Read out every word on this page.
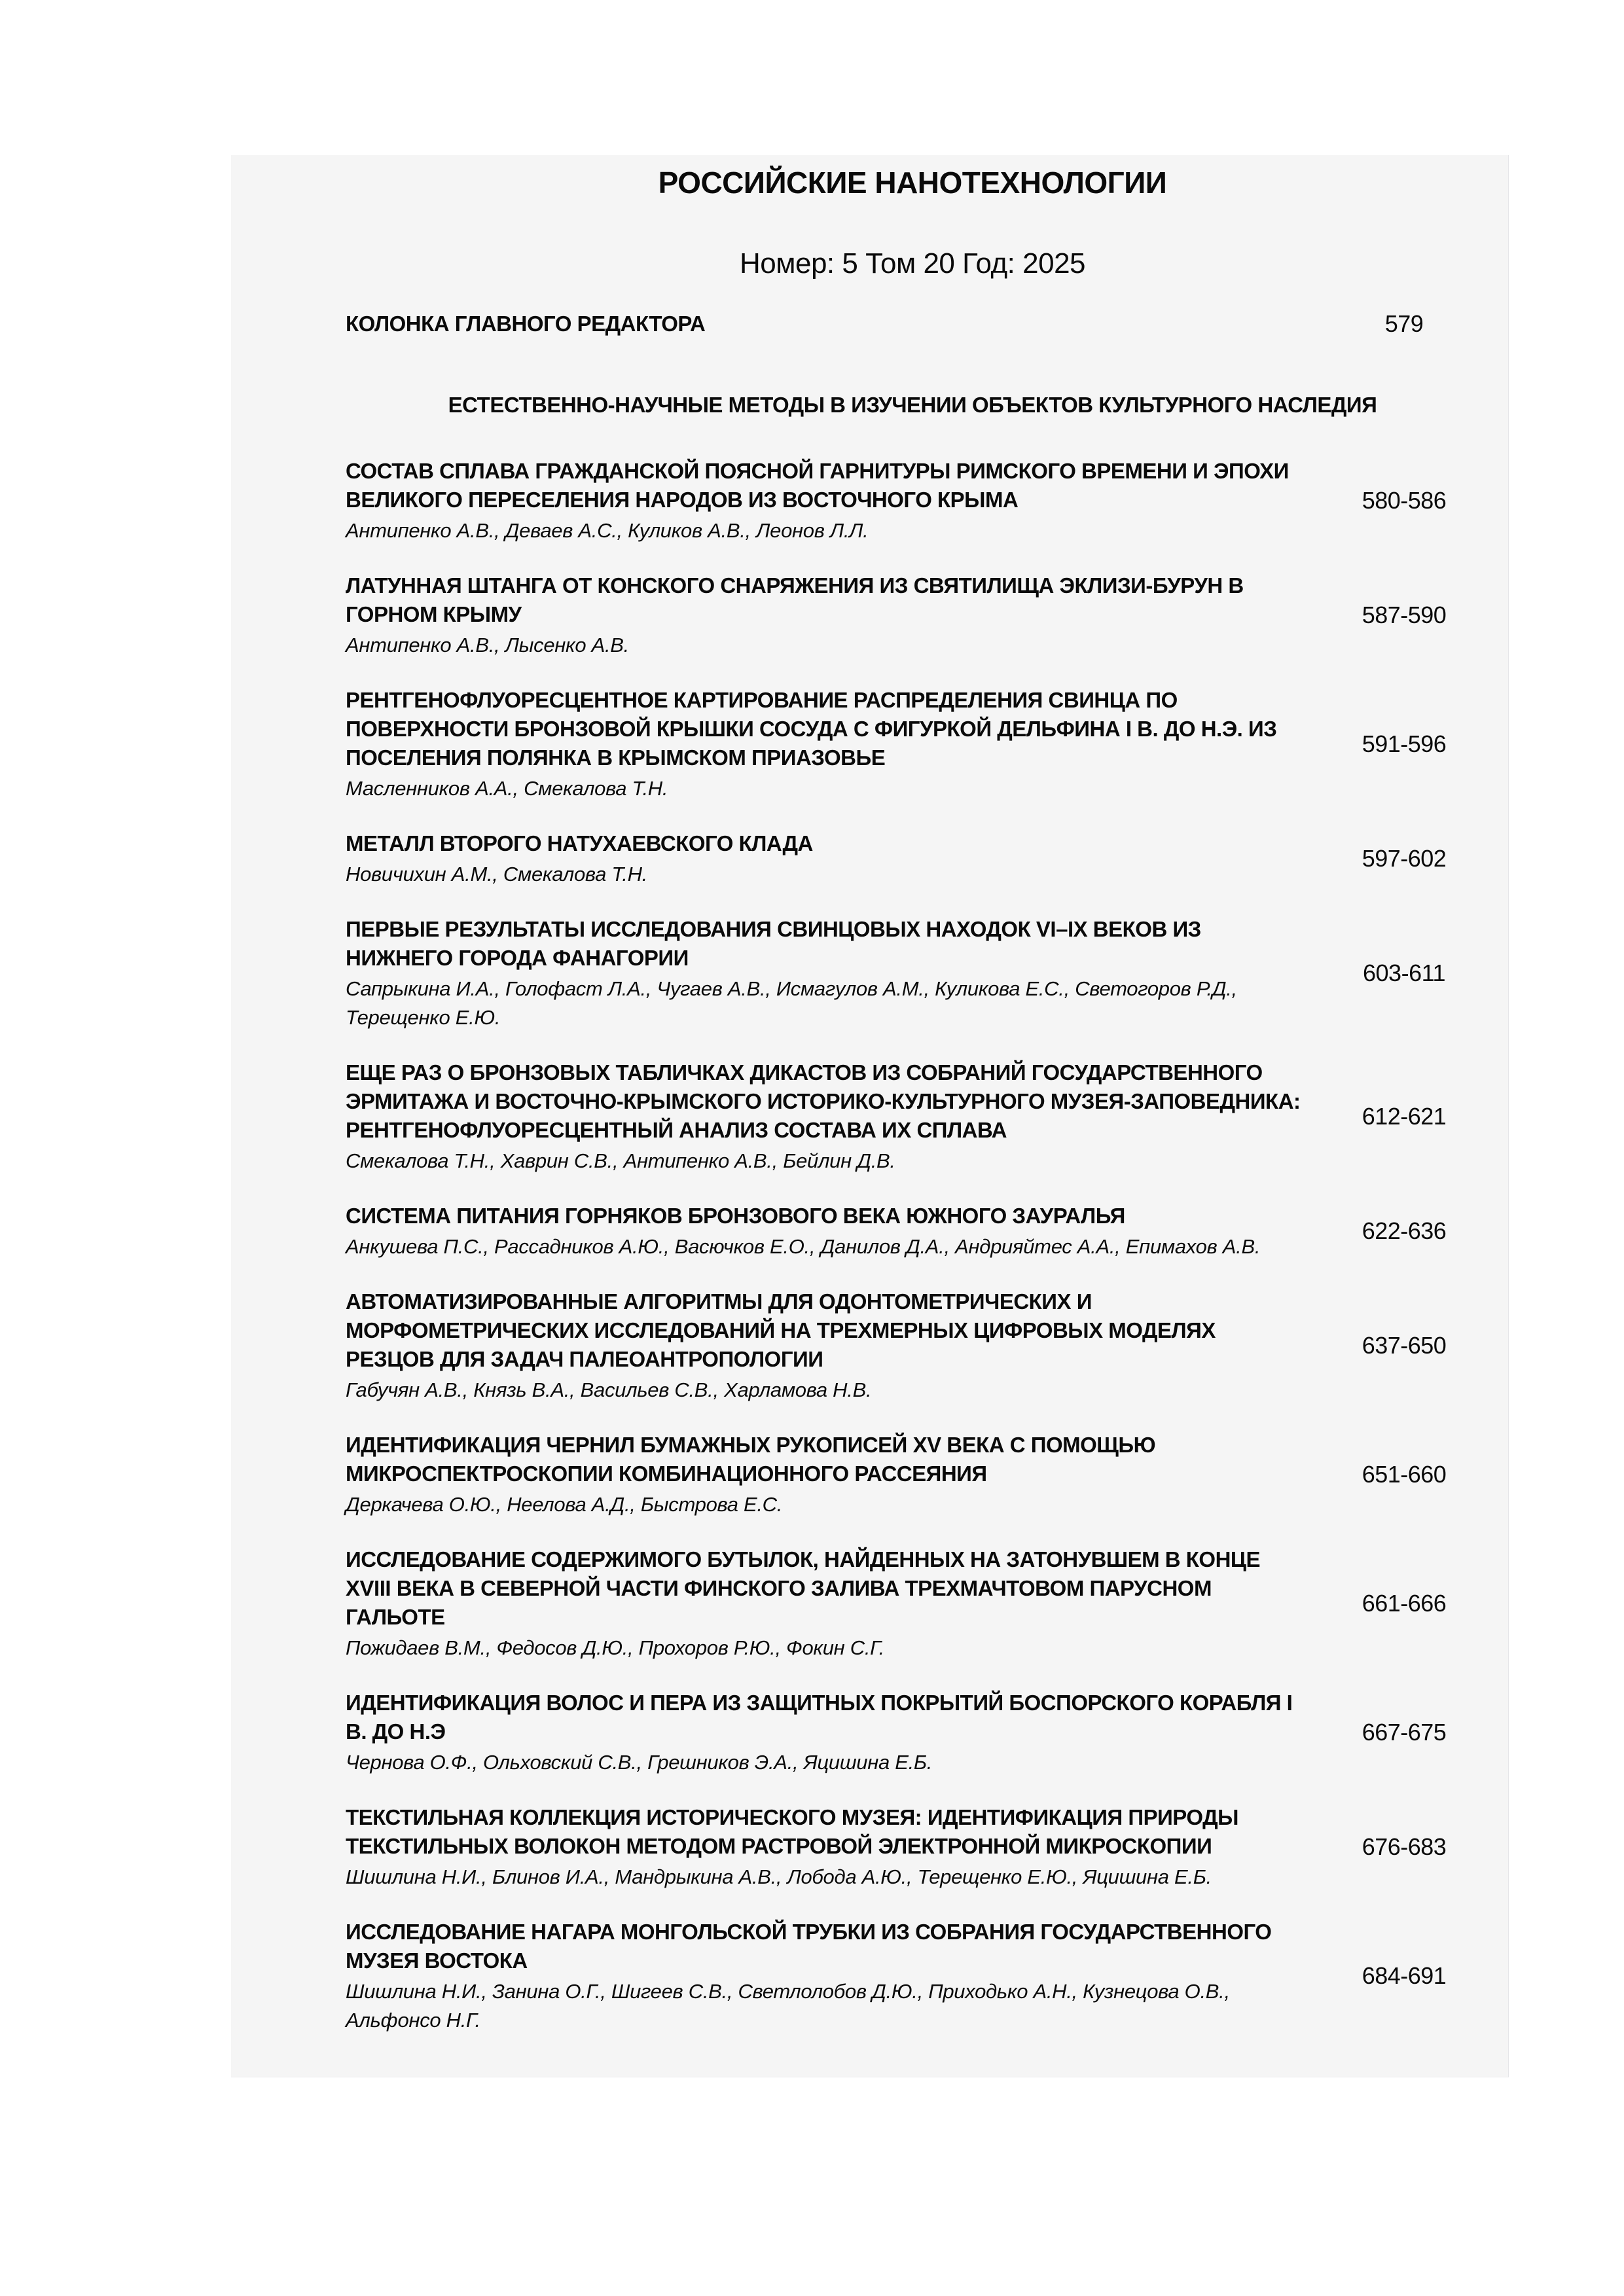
РОССИЙСКИЕ НАНОТЕХНОЛОГИИ
Номер: 5 Том 20 Год: 2025
КОЛОНКА ГЛАВНОГО РЕДАКТОРА	579
ЕСТЕСТВЕННО-НАУЧНЫЕ МЕТОДЫ В ИЗУЧЕНИИ ОБЪЕКТОВ КУЛЬТУРНОГО НАСЛЕДИЯ
СОСТАВ СПЛАВА ГРАЖДАНСКОЙ ПОЯСНОЙ ГАРНИТУРЫ РИМСКОГО ВРЕМЕНИ И ЭПОХИ ВЕЛИКОГО ПЕРЕСЕЛЕНИЯ НАРОДОВ ИЗ ВОСТОЧНОГО КРЫМА
Антипенко А.В., Деваев А.С., Куликов А.В., Леонов Л.Л.
580-586
ЛАТУННАЯ ШТАНГА ОТ КОНСКОГО СНАРЯЖЕНИЯ ИЗ СВЯТИЛИЩА ЭКЛИЗИ-БУРУН В ГОРНОМ КРЫМУ
Антипенко А.В., Лысенко А.В.
587-590
РЕНТГЕНОФЛУОРЕСЦЕНТНОЕ КАРТИРОВАНИЕ РАСПРЕДЕЛЕНИЯ СВИНЦА ПО ПОВЕРХНОСТИ БРОНЗОВОЙ КРЫШКИ СОСУДА С ФИГУРКОЙ ДЕЛЬФИНА I В. ДО Н.Э. ИЗ ПОСЕЛЕНИЯ ПОЛЯНКА В КРЫМСКОМ ПРИАЗОВЬЕ
Масленников А.А., Смекалова Т.Н.
591-596
МЕТАЛЛ ВТОРОГО НАТУХАЕВСКОГО КЛАДА
Новичихин А.М., Смекалова Т.Н.
597-602
ПЕРВЫЕ РЕЗУЛЬТАТЫ ИССЛЕДОВАНИЯ СВИНЦОВЫХ НАХОДОК VI–IX ВЕКОВ ИЗ НИЖНЕГО ГОРОДА ФАНАГОРИИ
Сапрыкина И.А., Голофаст Л.А., Чугаев А.В., Исмагулов А.М., Куликова Е.С., Светогоров Р.Д., Терещенко Е.Ю.
603-611
ЕЩЕ РАЗ О БРОНЗОВЫХ ТАБЛИЧКАХ ДИКАСТОВ ИЗ СОБРАНИЙ ГОСУДАРСТВЕННОГО ЭРМИТАЖА И ВОСТОЧНО-КРЫМСКОГО ИСТОРИКО-КУЛЬТУРНОГО МУЗЕЯ-ЗАПОВЕДНИКА: РЕНТГЕНОФЛУОРЕСЦЕНТНЫЙ АНАЛИЗ СОСТАВА ИХ СПЛАВА
Смекалова Т.Н., Хаврин С.В., Антипенко А.В., Бейлин Д.В.
612-621
СИСТЕМА ПИТАНИЯ ГОРНЯКОВ БРОНЗОВОГО ВЕКА ЮЖНОГО ЗАУРАЛЬЯ
Анкушева П.С., Рассадников А.Ю., Васючков Е.О., Данилов Д.А., Андрияйтес А.А., Епимахов А.В.
622-636
АВТОМАТИЗИРОВАННЫЕ АЛГОРИТМЫ ДЛЯ ОДОНТОМЕТРИЧЕСКИХ И МОРФОМЕТРИЧЕСКИХ ИССЛЕДОВАНИЙ НА ТРЕХМЕРНЫХ ЦИФРОВЫХ МОДЕЛЯХ РЕЗЦОВ ДЛЯ ЗАДАЧ ПАЛЕОАНТРОПОЛОГИИ
Габучян А.В., Князь В.А., Васильев С.В., Харламова Н.В.
637-650
ИДЕНТИФИКАЦИЯ ЧЕРНИЛ БУМАЖНЫХ РУКОПИСЕЙ XV ВЕКА С ПОМОЩЬЮ МИКРОСПЕКТРОСКОПИИ КОМБИНАЦИОННОГО РАССЕЯНИЯ
Деркачева О.Ю., Неелова А.Д., Быстрова Е.С.
651-660
ИССЛЕДОВАНИЕ СОДЕРЖИМОГО БУТЫЛОК, НАЙДЕННЫХ НА ЗАТОНУВШЕМ В КОНЦЕ XVIII ВЕКА В СЕВЕРНОЙ ЧАСТИ ФИНСКОГО ЗАЛИВА ТРЕХМАЧТОВОМ ПАРУСНОМ ГАЛЬОТЕ
Пожидаев В.М., Федосов Д.Ю., Прохоров Р.Ю., Фокин С.Г.
661-666
ИДЕНТИФИКАЦИЯ ВОЛОС И ПЕРА ИЗ ЗАЩИТНЫХ ПОКРЫТИЙ БОСПОРСКОГО КОРАБЛЯ I В. ДО Н.Э
Чернова О.Ф., Ольховский С.В., Грешников Э.А., Яцишина Е.Б.
667-675
ТЕКСТИЛЬНАЯ КОЛЛЕКЦИЯ ИСТОРИЧЕСКОГО МУЗЕЯ: ИДЕНТИФИКАЦИЯ ПРИРОДЫ ТЕКСТИЛЬНЫХ ВОЛОКОН МЕТОДОМ РАСТРОВОЙ ЭЛЕКТРОННОЙ МИКРОСКОПИИ
Шишлина Н.И., Блинов И.А., Мандрыкина А.В., Лобода А.Ю., Терещенко Е.Ю., Яцишина Е.Б.
676-683
ИССЛЕДОВАНИЕ НАГАРА МОНГОЛЬСКОЙ ТРУБКИ ИЗ СОБРАНИЯ ГОСУДАРСТВЕННОГО МУЗЕЯ ВОСТОКА
Шишлина Н.И., Занина О.Г., Шигеев С.В., Светлолобов Д.Ю., Приходько А.Н., Кузнецова О.В., Альфонсо Н.Г.
684-691
